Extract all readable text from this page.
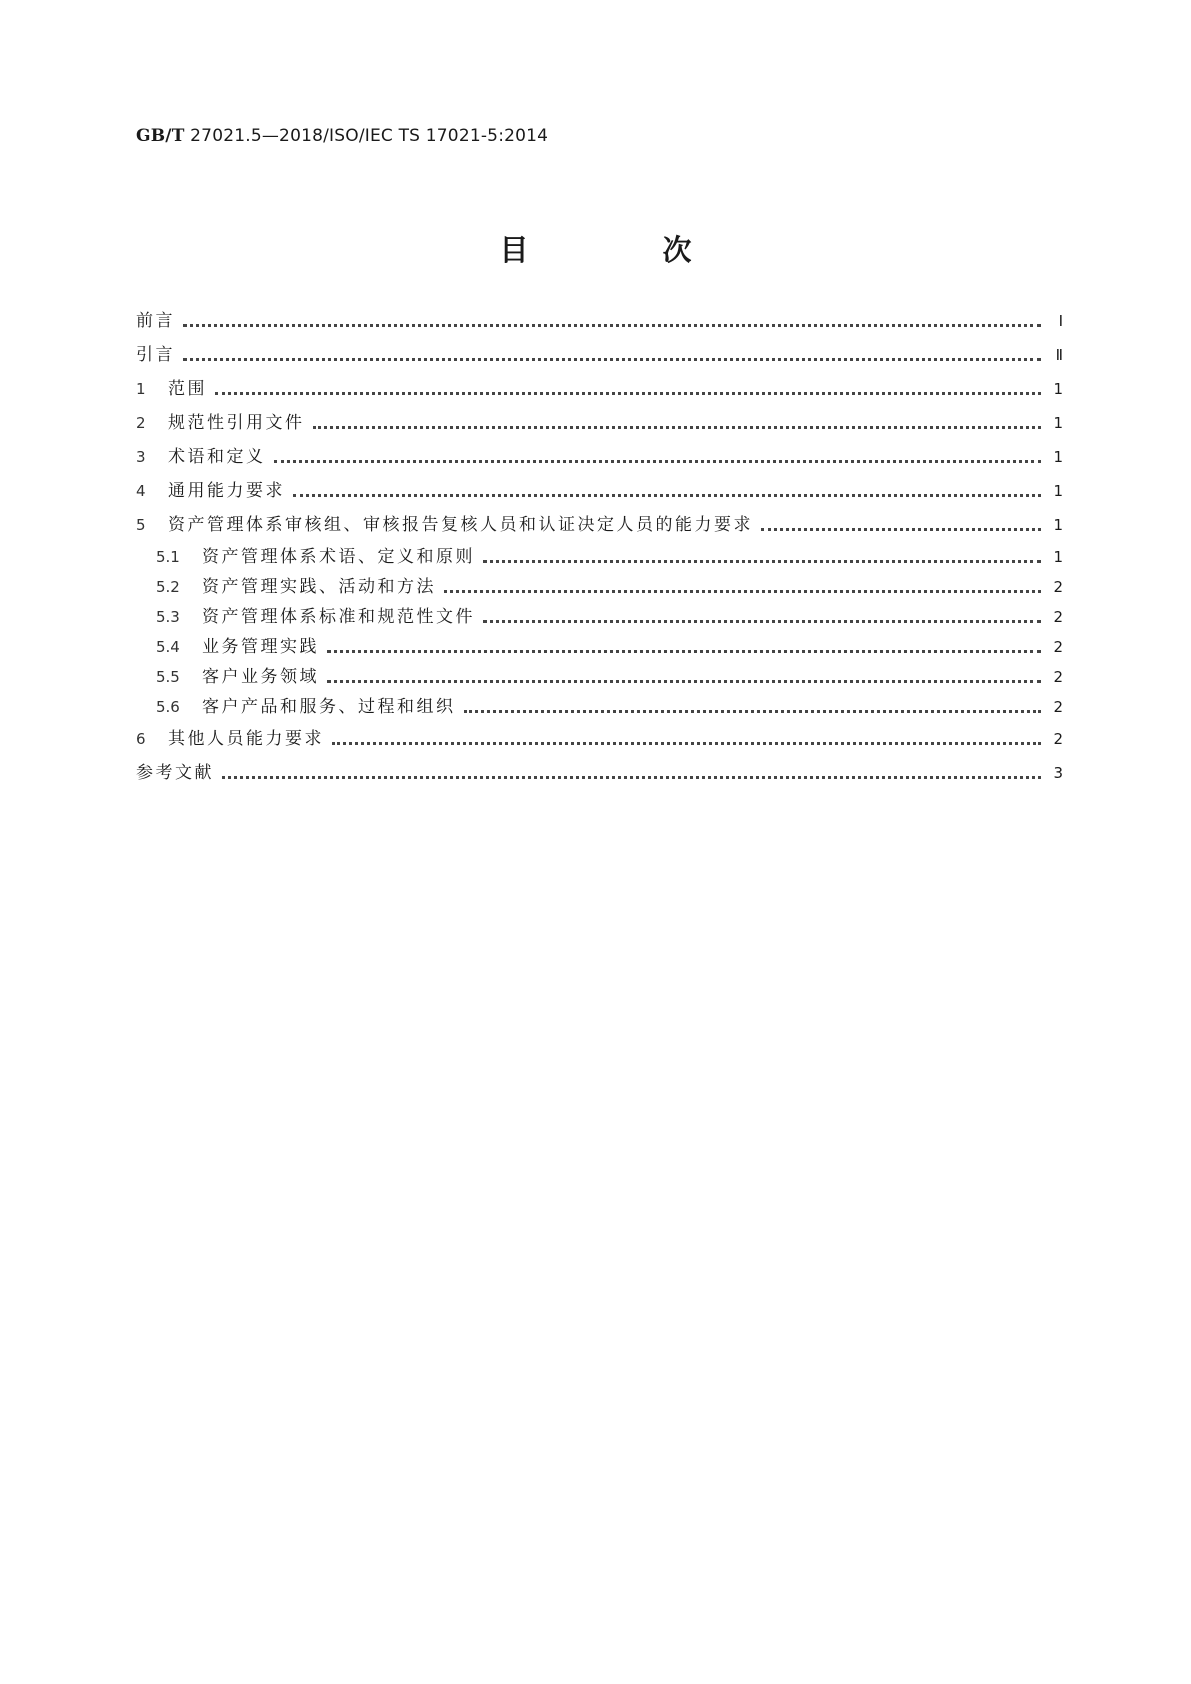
GB/T 27021.5—2018/ISO/IEC TS 17021-5:2014
目 次
前言	Ⅰ
引言	Ⅱ
1	范围	1
2	规范性引用文件	1
3	术语和定义	1
4	通用能力要求	1
5	资产管理体系审核组、审核报告复核人员和认证决定人员的能力要求	1
5.1	资产管理体系术语、定义和原则	1
5.2	资产管理实践、活动和方法	2
5.3	资产管理体系标准和规范性文件	2
5.4	业务管理实践	2
5.5	客户业务领域	2
5.6	客户产品和服务、过程和组织	2
6	其他人员能力要求	2
参考文献	3
